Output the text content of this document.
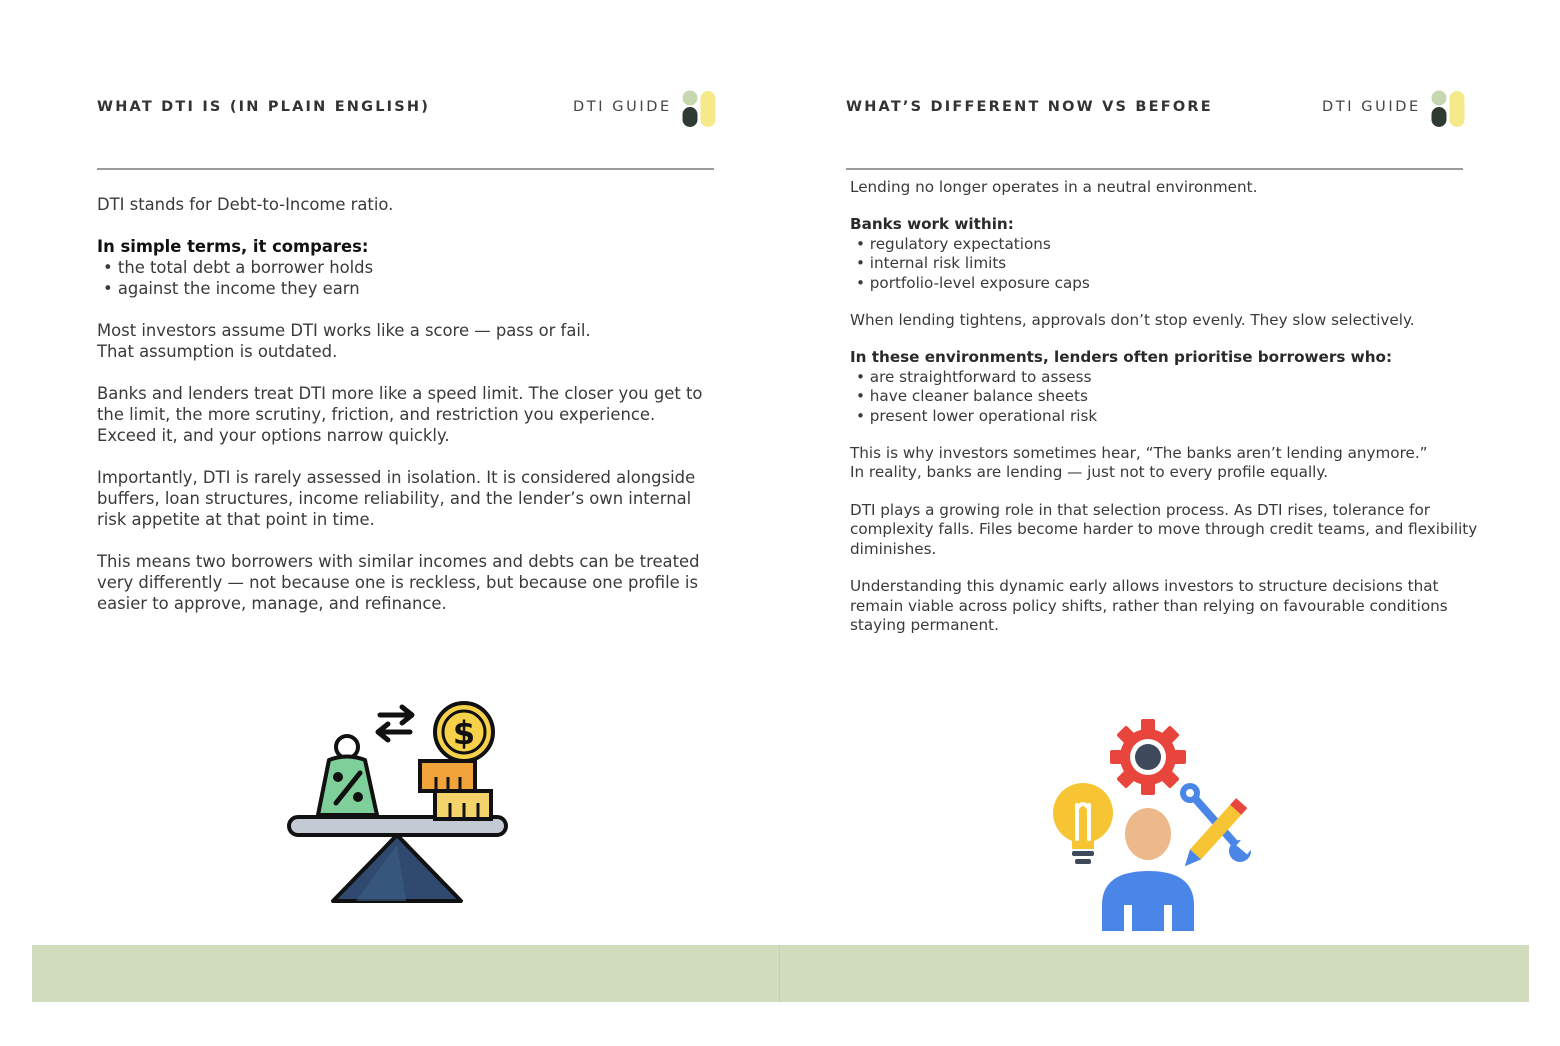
WHAT DTI IS (IN PLAIN ENGLISH)	DTI GUIDE

DTI stands for Debt-to-Income ratio.

In simple terms, it compares:

• the total debt a borrower holds
• against the income they earn

Most investors assume DTI works like a score — pass or fail.

That assumption is outdated.

Banks and lenders treat DTI more like a speed limit. The closer you get to the limit, the more scrutiny, friction, and restriction you experience. Exceed it, and your options narrow quickly.

Importantly, DTI is rarely assessed in isolation. It is considered alongside buffers, loan structures, income reliability, and the lender’s own internal risk appetite at that point in time.

This means two borrowers with similar incomes and debts can be treated very differently — not because one is reckless, but because one profile is easier to approve, manage, and refinance.

$
WHAT’S DIFFERENT NOW VS BEFORE	DTI GUIDE

Lending no longer operates in a neutral environment.

Banks work within:

• regulatory expectations
• internal risk limits
• portfolio-level exposure caps

When lending tightens, approvals don’t stop evenly. They slow selectively.

In these environments, lenders often prioritise borrowers who:

• are straightforward to assess
• have cleaner balance sheets
• present lower operational risk

This is why investors sometimes hear, “The banks aren’t lending anymore.”

In reality, banks are lending — just not to every profile equally.

DTI plays a growing role in that selection process. As DTI rises, tolerance for complexity falls. Files become harder to move through credit teams, and flexibility diminishes.

Understanding this dynamic early allows investors to structure decisions that remain viable across policy shifts, rather than relying on favourable conditions staying permanent.
